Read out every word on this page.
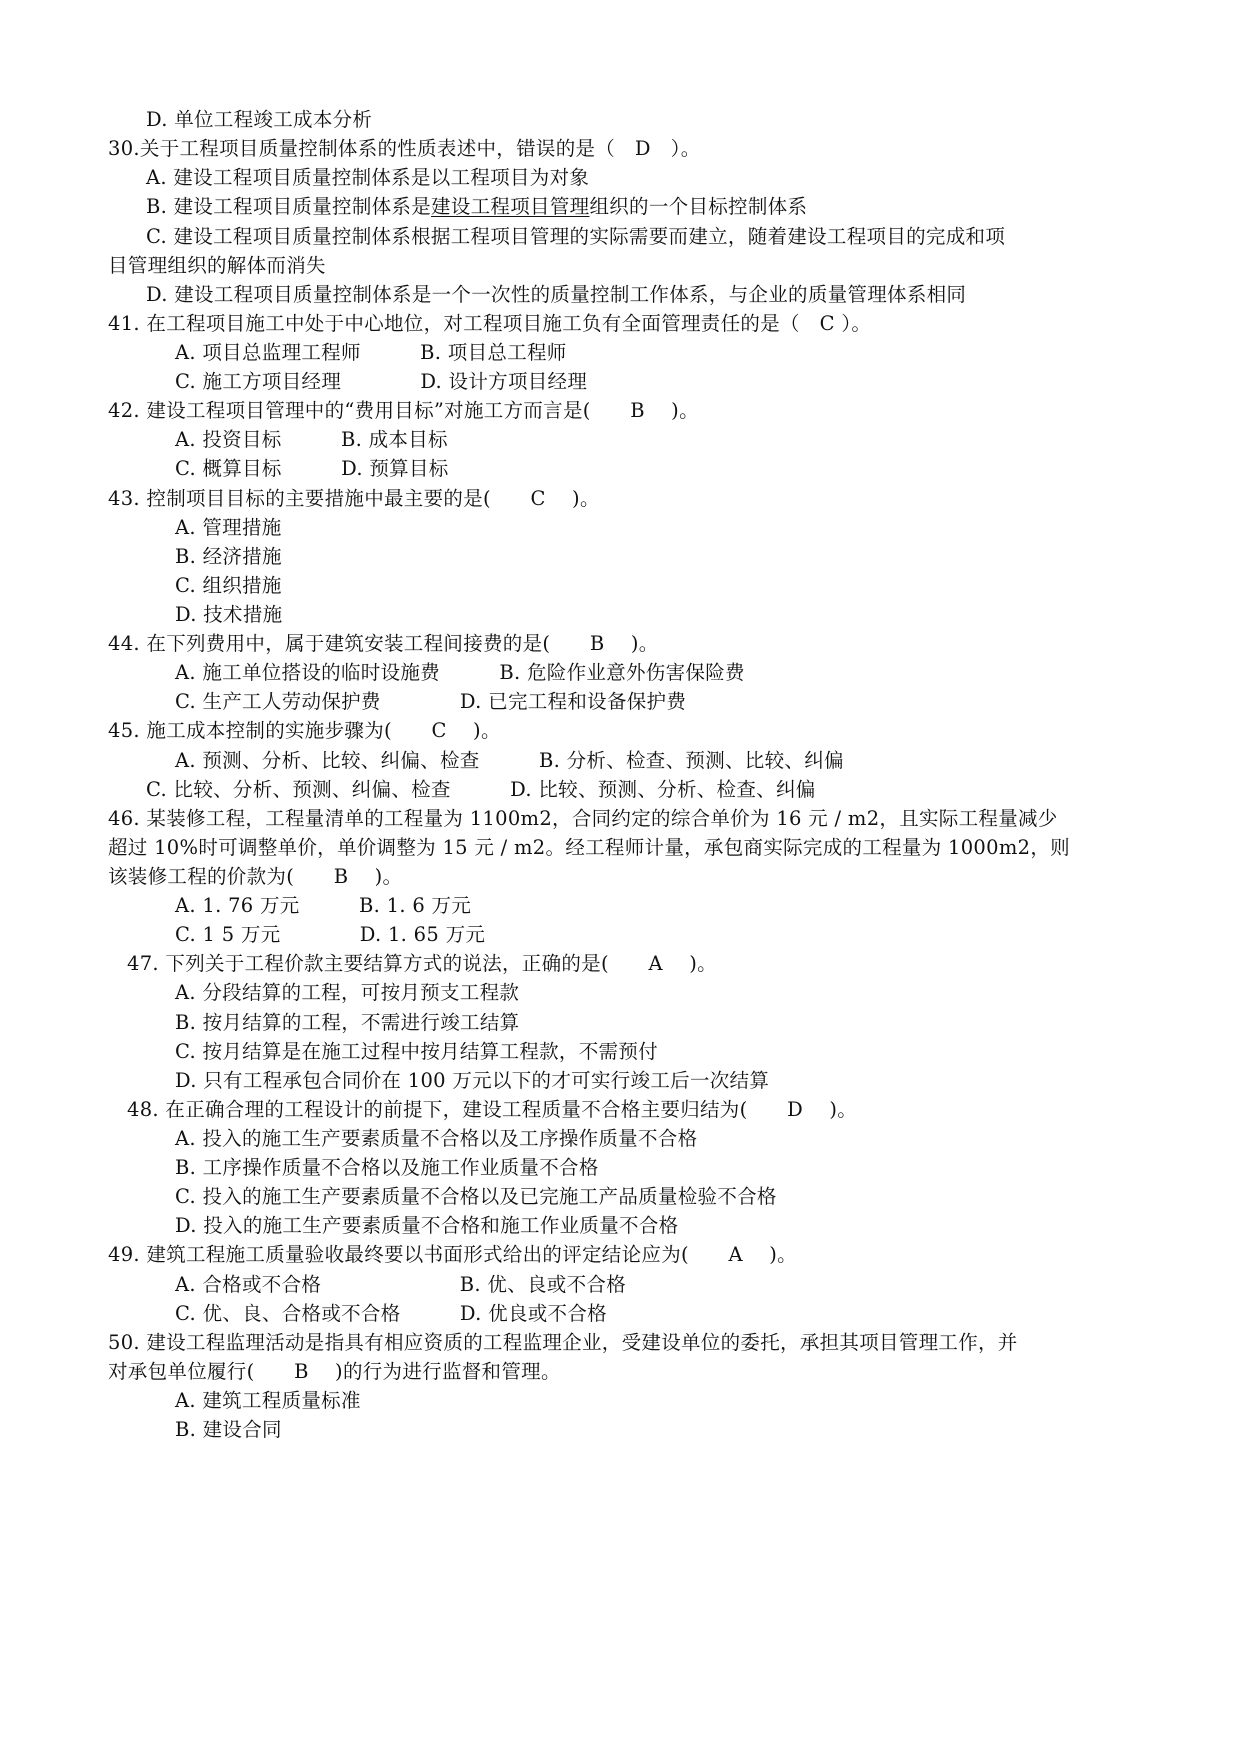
D. 单位工程竣工成本分析
30.关于工程项目质量控制体系的性质表述中，错误的是（　D　）。
A. 建设工程项目质量控制体系是以工程项目为对象
B. 建设工程项目质量控制体系是建设工程项目管理组织的一个目标控制体系
C. 建设工程项目质量控制体系根据工程项目管理的实际需要而建立，随着建设工程项目的完成和项
目管理组织的解体而消失
D. 建设工程项目质量控制体系是一个一次性的质量控制工作体系，与企业的质量管理体系相同
41. 在工程项目施工中处于中心地位，对工程项目施工负有全面管理责任的是（　C ）。
A. 项目总监理工程师　　　B. 项目总工程师
C. 施工方项目经理　　　　D. 设计方项目经理
42. 建设工程项目管理中的“费用目标”对施工方而言是(　　B　 )。
A. 投资目标　　　B. 成本目标
C. 概算目标　　　D. 预算目标
43. 控制项目目标的主要措施中最主要的是(　　C　 )。
A. 管理措施
B. 经济措施
C. 组织措施
D. 技术措施
44. 在下列费用中，属于建筑安装工程间接费的是(　　B　 )。
A. 施工单位搭设的临时设施费　　　B. 危险作业意外伤害保险费
C. 生产工人劳动保护费　　　　D. 已完工程和设备保护费
45. 施工成本控制的实施步骤为(　　C　 )。
A. 预测、分析、比较、纠偏、检查　　　B. 分析、检查、预测、比较、纠偏
C. 比较、分析、预测、纠偏、检查　　　D. 比较、预测、分析、检查、纠偏
46. 某装修工程，工程量清单的工程量为 1100m2，合同约定的综合单价为 16 元 / m2，且实际工程量减少
超过 10%时可调整单价，单价调整为 15 元 / m2。经工程师计量，承包商实际完成的工程量为 1000m2，则
该装修工程的价款为(　　B　 )。
A. 1. 76 万元　　　B. 1. 6 万元
C. 1 5 万元　　　　D. 1. 65 万元
47. 下列关于工程价款主要结算方式的说法，正确的是(　　A　 )。
A. 分段结算的工程，可按月预支工程款
B. 按月结算的工程，不需进行竣工结算
C. 按月结算是在施工过程中按月结算工程款，不需预付
D. 只有工程承包合同价在 100 万元以下的才可实行竣工后一次结算
48. 在正确合理的工程设计的前提下，建设工程质量不合格主要归结为(　　D　 )。
A. 投入的施工生产要素质量不合格以及工序操作质量不合格
B. 工序操作质量不合格以及施工作业质量不合格
C. 投入的施工生产要素质量不合格以及已完施工产品质量检验不合格
D. 投入的施工生产要素质量不合格和施工作业质量不合格
49. 建筑工程施工质量验收最终要以书面形式给出的评定结论应为(　　A　 )。
A. 合格或不合格　　　　　　　B. 优、良或不合格
C. 优、良、合格或不合格　　　D. 优良或不合格
50. 建设工程监理活动是指具有相应资质的工程监理企业，受建设单位的委托，承担其项目管理工作，并
对承包单位履行(　　B　 )的行为进行监督和管理。
A. 建筑工程质量标准
B. 建设合同
